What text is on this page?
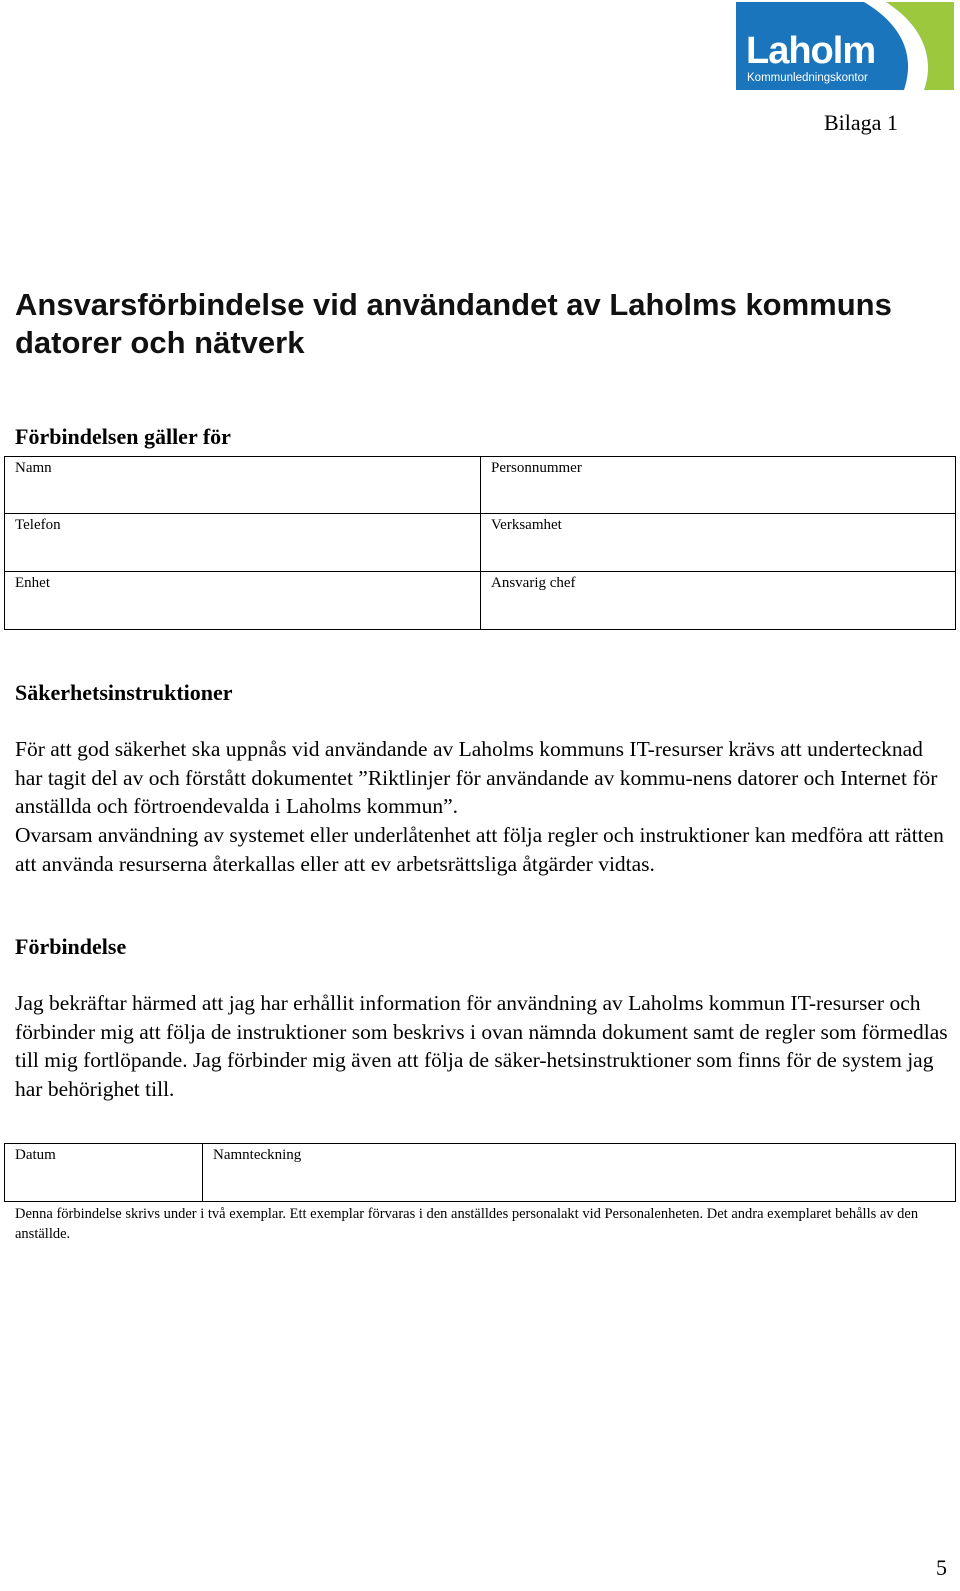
Laholm
Kommunledningskontor
Bilaga 1
Ansvarsförbindelse vid användandet av Laholms kommuns datorer och nätverk
Förbindelsen gäller för
Namn	Personnummer
Telefon	Verksamhet
Enhet	Ansvarig chef
Säkerhetsinstruktioner

För att god säkerhet ska uppnås vid användande av Laholms kommuns IT-resurser krävs att undertecknad har tagit del av och förstått dokumentet ”Riktlinjer för användande av kommu-nens datorer och Internet för anställda och förtroendevalda i Laholms kommun”.

Ovarsam användning av systemet eller underlåtenhet att följa regler och instruktioner kan medföra att rätten att använda resurserna återkallas eller att ev arbetsrättsliga åtgärder vidtas.

Förbindelse

Jag bekräftar härmed att jag har erhållit information för användning av Laholms kommun IT-resurser och förbinder mig att följa de instruktioner som beskrivs i ovan nämnda dokument samt de regler som förmedlas till mig fortlöpande. Jag förbinder mig även att följa de säker-hetsinstruktioner som finns för de system jag har behörighet till.

Datum	Namnteckning

Denna förbindelse skrivs under i två exemplar. Ett exemplar förvaras i den anställdes personalakt vid Personalenheten. Det andra exemplaret behålls av den anställde.

5
